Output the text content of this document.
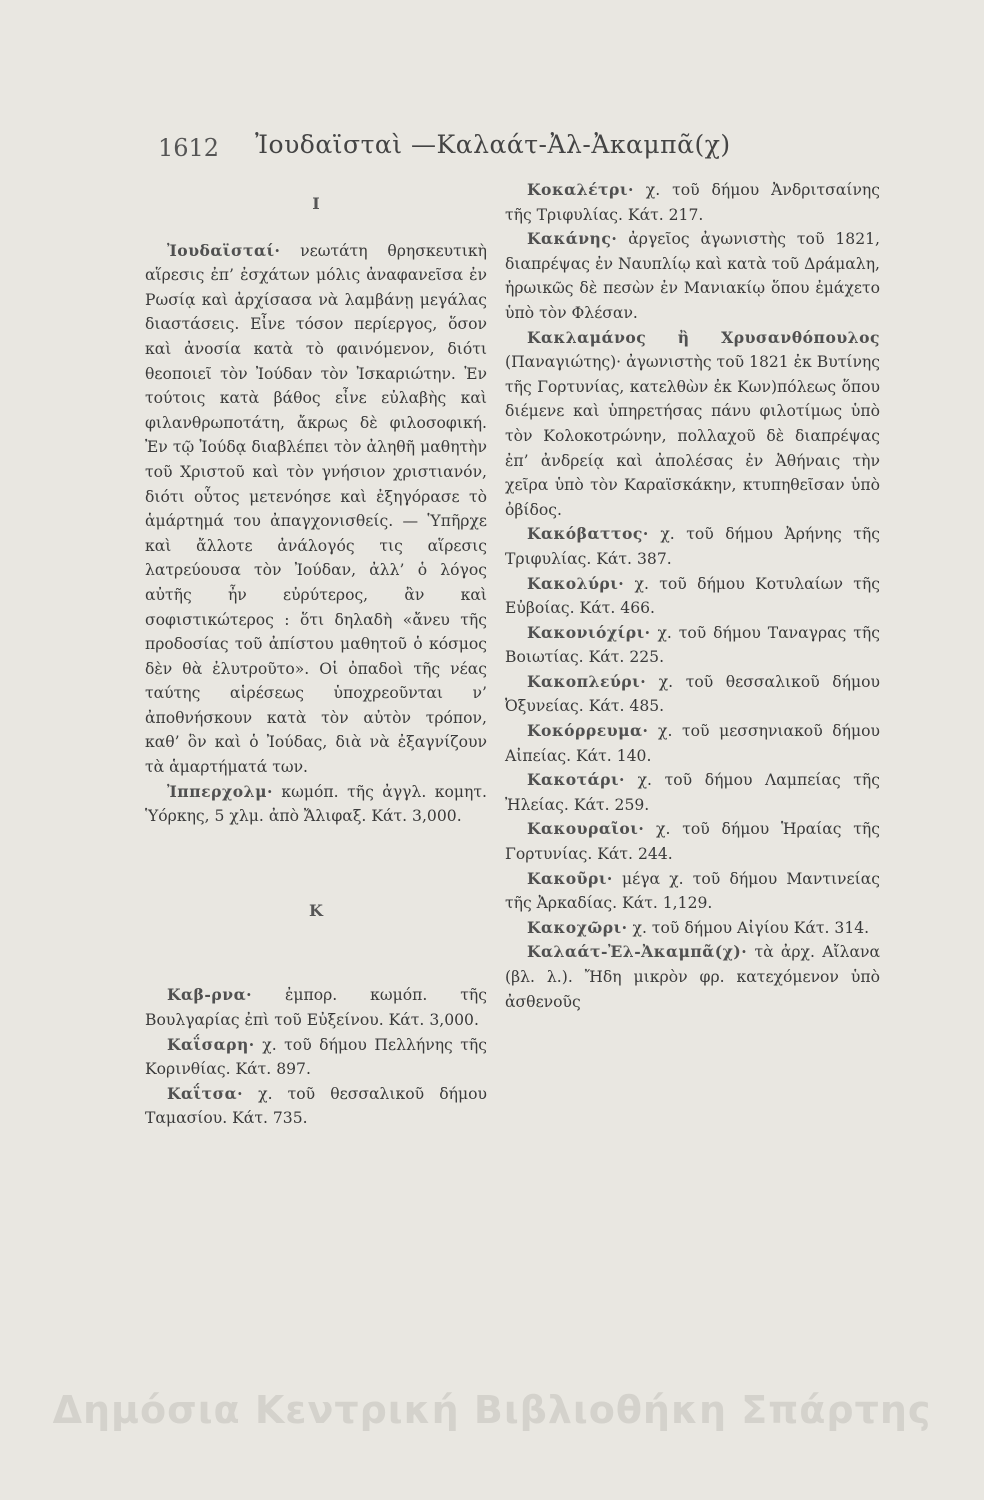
1612 Ἰουδαϊσταὶ —Καλαάτ-Ἀλ-Ἀκαμπᾶ(χ)
I

Ἰουδαϊσταί· νεωτάτη θρησκευτικὴ αἵρεσις ἐπ’ ἐσχάτων μόλις ἀναφανεῖσα ἐν Ρωσίᾳ καὶ ἀρχίσασα νὰ λαμβάνῃ μεγάλας διαστάσεις. Εἶνε τόσον περίεργος, ὅσον καὶ ἀνοσία κατὰ τὸ φαινόμενον, διότι θεοποιεῖ τὸν Ἰούδαν τὸν Ἰσκαριώτην. Ἐν τούτοις κατὰ βάθος εἶνε εὐλαβὴς καὶ φιλανθρωποτάτη, ἄκρως δὲ φιλοσοφική. Ἐν τῷ Ἰούδᾳ διαβλέπει τὸν ἀληθῆ μαθητὴν τοῦ Χριστοῦ καὶ τὸν γνήσιον χριστιανόν, διότι οὗτος μετενόησε καὶ ἐξηγόρασε τὸ ἁμάρτημά του ἀπαγχονισθείς. — Ὑπῆρχε καὶ ἄλλοτε ἀνάλογός τις αἵρεσις λατρεύουσα τὸν Ἰούδαν, ἀλλ’ ὁ λόγος αὐτῆς ἦν εὐρύτερος, ἂν καὶ σοφιστικώτερος : ὅτι δηλαδὴ «ἄνευ τῆς προδοσίας τοῦ ἀπίστου μαθητοῦ ὁ κόσμος δὲν θὰ ἐλυτροῦτο». Οἱ ὀπαδοὶ τῆς νέας ταύτης αἱρέσεως ὑποχρεοῦνται ν’ ἀποθνήσκουν κατὰ τὸν αὐτὸν τρόπον, καθ’ ὃν καὶ ὁ Ἰούδας, διὰ νὰ ἐξαγνίζουν τὰ ἁμαρτήματά των.

Ἰππερχολμ· κωμόπ. τῆς ἀγγλ. κομητ. Ὑόρκης, 5 χλμ. ἀπὸ Ἄλιφαξ. Κάτ. 3,000.

K

Καβ-ρνα· ἐμπορ. κωμόπ. τῆς Βουλγαρίας ἐπὶ τοῦ Εὐξείνου. Κάτ. 3,000.

Καΐσαρη· χ. τοῦ δήμου Πελλήνης τῆς Κορινθίας. Κάτ. 897.

Καΐτσα· χ. τοῦ θεσσαλικοῦ δήμου Ταμασίου. Κάτ. 735.

Κοκαλέτρι· χ. τοῦ δήμου Ἀνδριτσαίνης τῆς Τριφυλίας. Κάτ. 217.

Κακάνης· ἀργεῖος ἀγωνιστὴς τοῦ 1821, διαπρέψας ἐν Ναυπλίῳ καὶ κατὰ τοῦ Δράμαλη, ἡρωικῶς δὲ πεσὼν ἐν Μανιακίῳ ὅπου ἐμάχετο ὑπὸ τὸν Φλέσαν.

Κακλαμάνος ἢ Χρυσανθόπουλος (Παναγιώτης)· ἀγωνιστὴς τοῦ 1821 ἐκ Βυτίνης τῆς Γορτυνίας, κατελθὼν ἐκ Κων)πόλεως ὅπου διέμενε καὶ ὑπηρετήσας πάνυ φιλοτίμως ὑπὸ τὸν Κολοκοτρώνην, πολλαχοῦ δὲ διαπρέψας ἐπ’ ἀνδρείᾳ καὶ ἀπολέσας ἐν Ἀθήναις τὴν χεῖρα ὑπὸ τὸν Καραϊσκάκην, κτυπηθεῖσαν ὑπὸ ὀβίδος.

Κακόβαττος· χ. τοῦ δήμου Ἀρήνης τῆς Τριφυλίας. Κάτ. 387.

Κακολύρι· χ. τοῦ δήμου Κοτυλαίων τῆς Εὐβοίας. Κάτ. 466.

Κακονιόχίρι· χ. τοῦ δήμου Ταναγρας τῆς Βοιωτίας. Κάτ. 225.

Κακοπλεύρι· χ. τοῦ θεσσαλικοῦ δήμου Ὀξυνείας. Κάτ. 485.

Κοκόρρευμα· χ. τοῦ μεσσηνιακοῦ δήμου Αἰπείας. Κάτ. 140.

Κακοτάρι· χ. τοῦ δήμου Λαμπείας τῆς Ἠλείας. Κάτ. 259.

Κακουραῖοι· χ. τοῦ δήμου Ἡραίας τῆς Γορτυνίας. Κάτ. 244.

Κακοῦρι· μέγα χ. τοῦ δήμου Μαντινείας τῆς Ἀρκαδίας. Κάτ. 1,129.

Κακοχῶρι· χ. τοῦ δήμου Αἰγίου Κάτ. 314.

Καλαάτ-Ἐλ-Ἀκαμπᾶ(χ)· τὰ ἀρχ. Αἴλανα (βλ. λ.). Ἤδη μικρὸν φρ. κατεχόμενον ὑπὸ ἀσθενοῦς

Δημόσια Κεντρική Βιβλιοθήκη Σπάρτης
